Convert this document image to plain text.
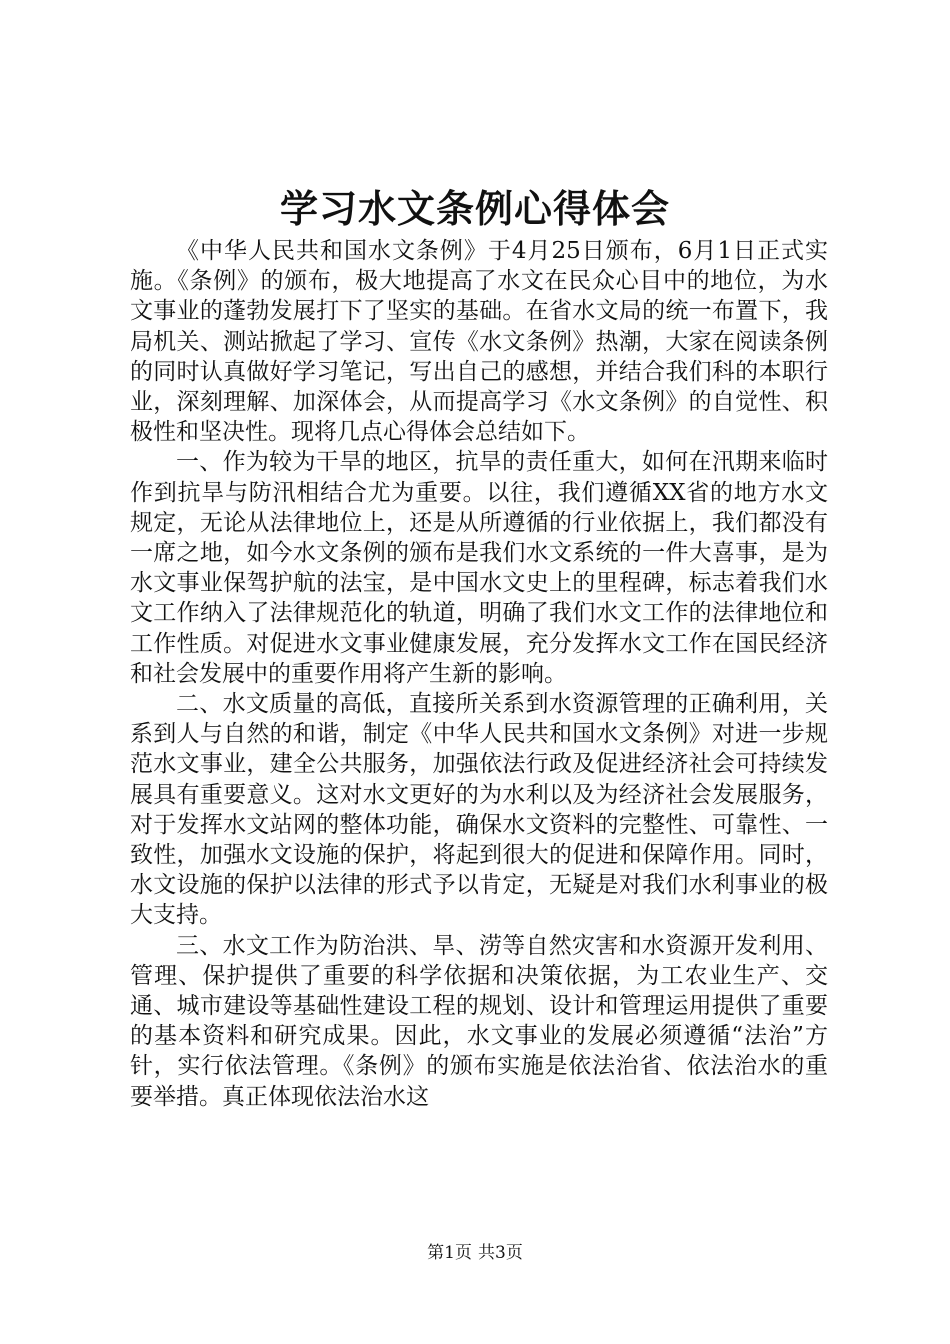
学习水文条例心得体会

《中华人民共和国水文条例》于4月25日颁布，6月1日正式实施。《条例》的颁布，极大地提高了水文在民众心目中的地位，为水文事业的蓬勃发展打下了坚实的基础。在省水文局的统一布置下，我局机关、测站掀起了学习、宣传《水文条例》热潮，大家在阅读条例的同时认真做好学习笔记，写出自己的感想，并结合我们科的本职行业，深刻理解、加深体会，从而提高学习《水文条例》的自觉性、积极性和坚决性。现将几点心得体会总结如下。

一、作为较为干旱的地区，抗旱的责任重大，如何在汛期来临时作到抗旱与防汛相结合尤为重要。以往，我们遵循XX省的地方水文规定，无论从法律地位上，还是从所遵循的行业依据上，我们都没有一席之地，如今水文条例的颁布是我们水文系统的一件大喜事，是为水文事业保驾护航的法宝，是中国水文史上的里程碑，标志着我们水文工作纳入了法律规范化的轨道，明确了我们水文工作的法律地位和工作性质。对促进水文事业健康发展，充分发挥水文工作在国民经济和社会发展中的重要作用将产生新的影响。

二、水文质量的高低，直接所关系到水资源管理的正确利用，关系到人与自然的和谐，制定《中华人民共和国水文条例》对进一步规范水文事业，建全公共服务，加强依法行政及促进经济社会可持续发展具有重要意义。这对水文更好的为水利以及为经济社会发展服务，对于发挥水文站网的整体功能，确保水文资料的完整性、可靠性、一致性，加强水文设施的保护，将起到很大的促进和保障作用。同时，水文设施的保护以法律的形式予以肯定，无疑是对我们水利事业的极大支持。

三、水文工作为防治洪、旱、涝等自然灾害和水资源开发利用、管理、保护提供了重要的科学依据和决策依据，为工农业生产、交通、城市建设等基础性建设工程的规划、设计和管理运用提供了重要的基本资料和研究成果。因此，水文事业的发展必须遵循“法治”方针，实行依法管理。《条例》的颁布实施是依法治省、依法治水的重要举措。真正体现依法治水这

第1页 共3页
